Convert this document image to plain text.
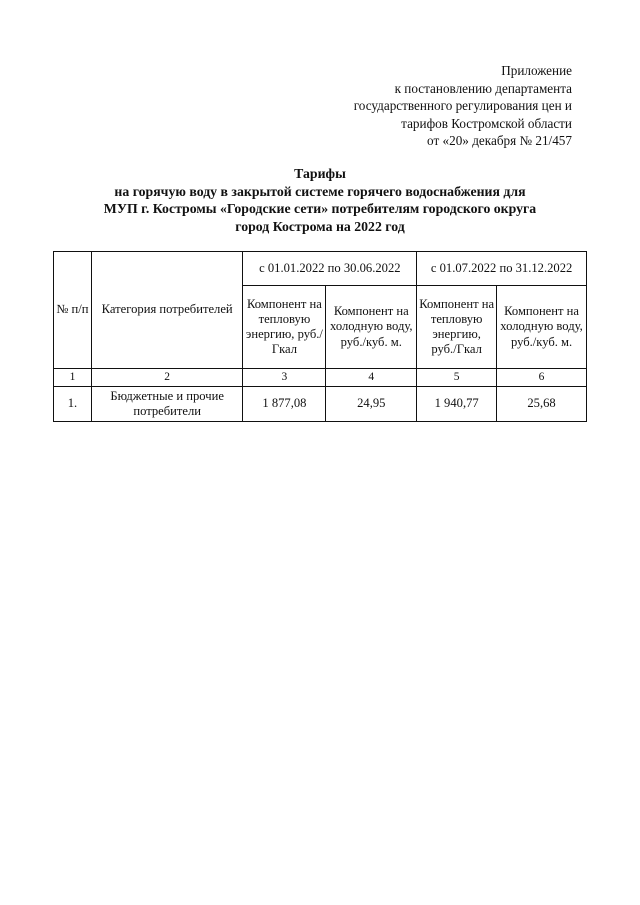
Приложение
к постановлению департамента
государственного регулирования цен и
тарифов Костромской области
от «20» декабря № 21/457
Тарифы
на горячую воду в закрытой системе горячего водоснабжения для
МУП г. Костромы «Городские сети» потребителям городского округа
город Кострома на 2022 год
№ п/п	Категория потребителей	с 01.01.2022 по 30.06.2022		с 01.07.2022 по 31.12.2022	
		Компонент на тепловую энергию, руб./Гкал	Компонент на холодную воду, руб./куб. м.	Компонент на тепловую энергию, руб./Гкал	Компонент на холодную воду, руб./куб. м.
1	2	3	4	5	6
1.	Бюджетные и прочие потребители	1 877,08	24,95	1 940,77	25,68
